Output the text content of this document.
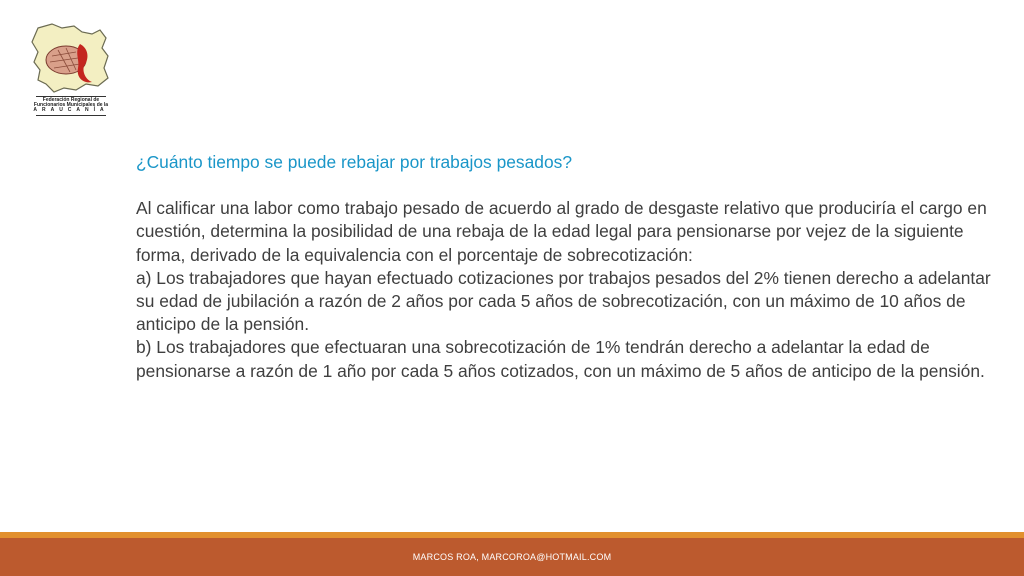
Federación Regional de
Funcionarios Municipales de la
ARAUCANÍA

¿Cuánto tiempo se puede rebajar por trabajos pesados?

Al calificar una labor como trabajo pesado de acuerdo al grado de desgaste relativo que produciría el cargo en cuestión, determina la posibilidad de una rebaja de la edad legal para pensionarse por vejez de la siguiente forma, derivado de la equivalencia con el porcentaje de sobrecotización:

a) Los trabajadores que hayan efectuado cotizaciones por trabajos pesados del 2% tienen derecho a adelantar su edad de jubilación a razón de 2 años por cada 5 años de sobrecotización, con un máximo de 10 años de anticipo de la pensión.

b) Los trabajadores que efectuaran una sobrecotización de 1% tendrán derecho a adelantar la edad de pensionarse a razón de 1 año por cada 5 años cotizados, con un máximo de 5 años de anticipo de la pensión.

MARCOS ROA, MARCOROA@HOTMAIL.COM
